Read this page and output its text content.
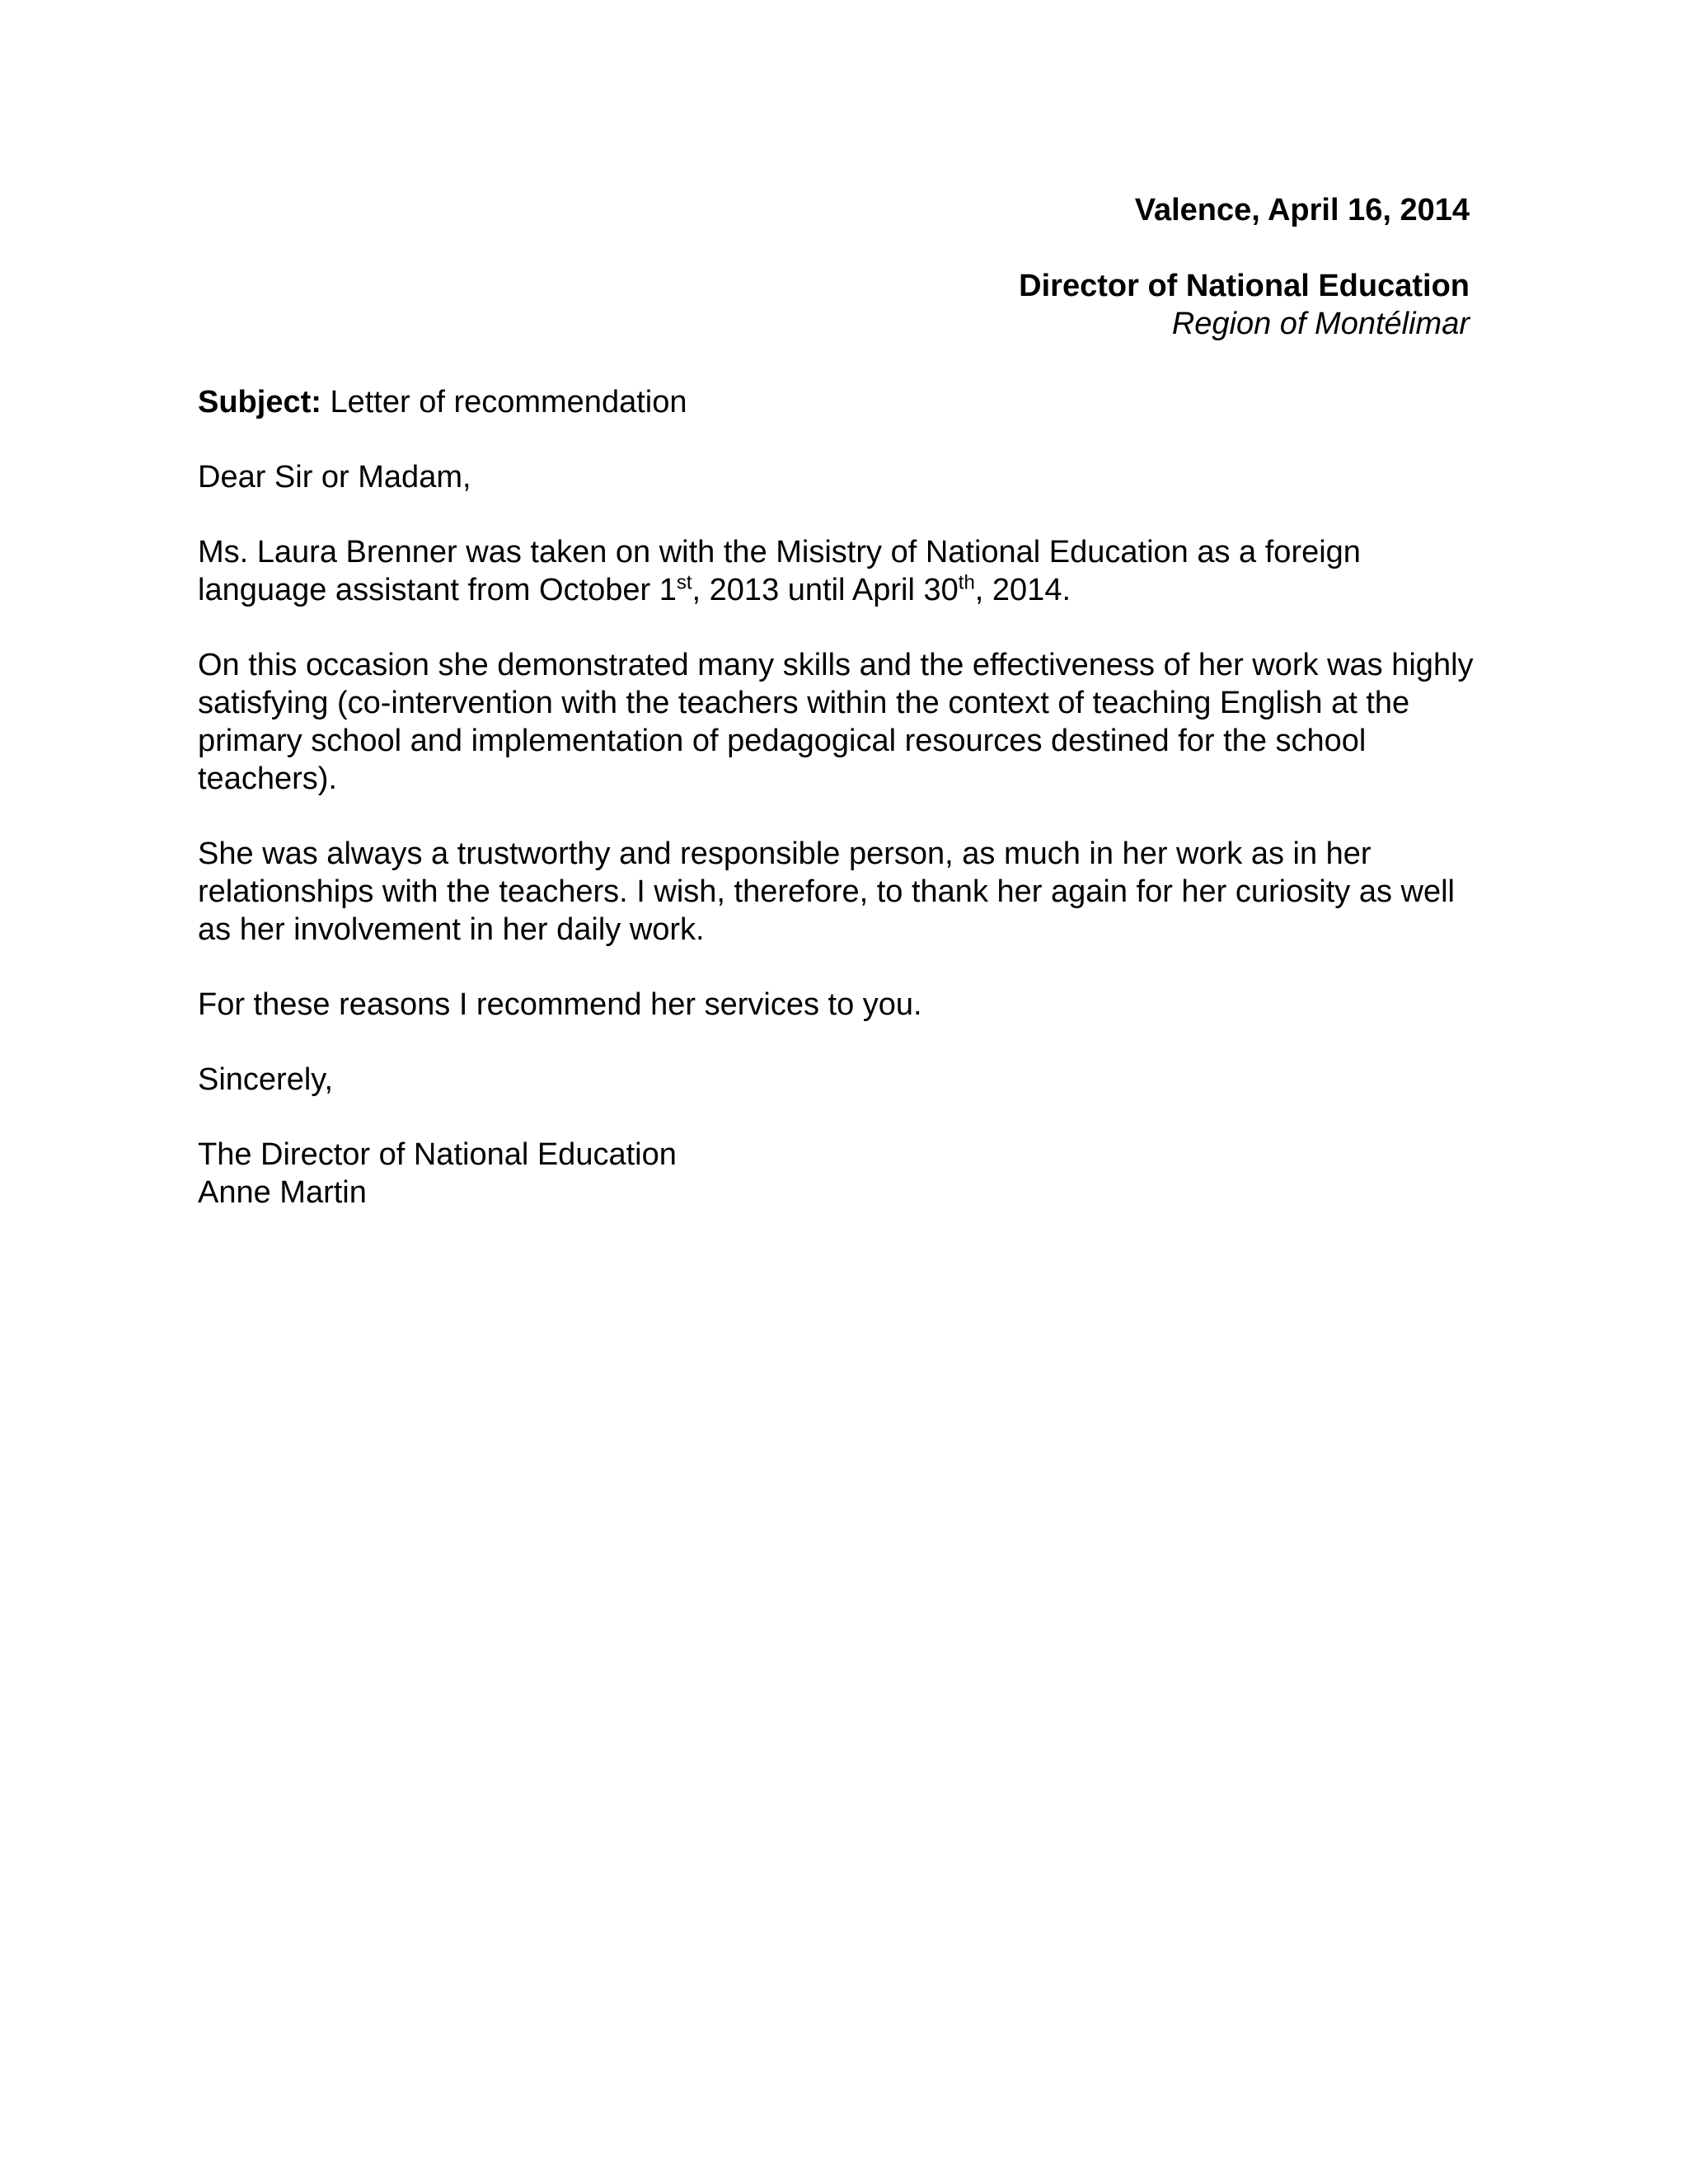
Valence, April 16, 2014

Director of National Education

Region of Montélimar

Subject: Letter of recommendation

Dear Sir or Madam,

Ms. Laura Brenner was taken on with the Misistry of National Education as a foreign language assistant from October 1st, 2013 until April 30th, 2014.

On this occasion she demonstrated many skills and the effectiveness of her work was highly satisfying (co-intervention with the teachers within the context of teaching English at the primary school and implementation of pedagogical resources destined for the school teachers).

She was always a trustworthy and responsible person, as much in her work as in her relationships with the teachers. I wish, therefore, to thank her again for her curiosity as well as her involvement in her daily work.

For these reasons I recommend her services to you.

Sincerely,

The Director of National Education

Anne Martin
